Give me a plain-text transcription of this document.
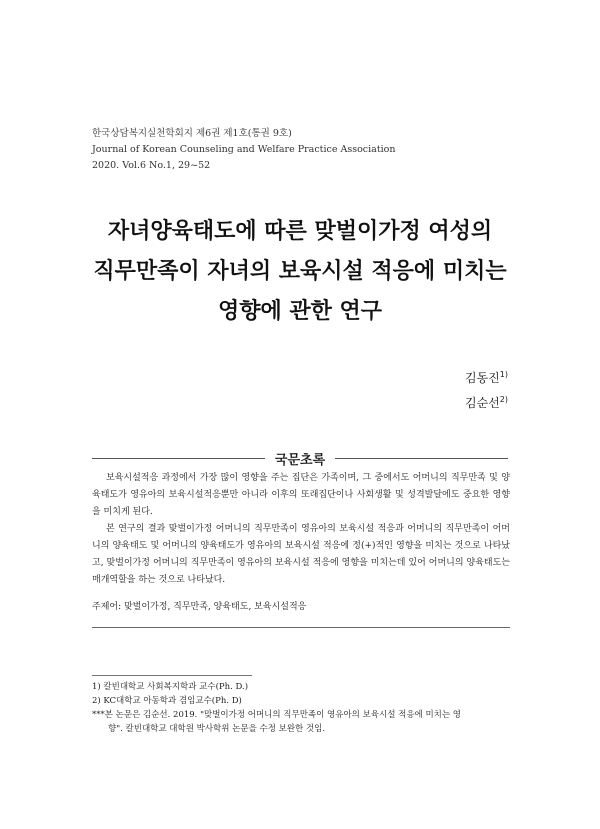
한국상담복지실천학회지 제6권 제1호(통권 9호)
Journal of Korean Counseling and Welfare Practice Association
2020. Vol.6 No.1, 29~52
자녀양육태도에 따른 맞벌이가정 여성의
직무만족이 자녀의 보육시설 적응에 미치는
영향에 관한 연구
김동진$^{1)}$
김순선$^{2)}$
국문초록

보육시설적응 과정에서 가장 많이 영향을 주는 집단은 가족이며, 그 중에서도 어머니의 직무만족 및 양육태도가 영유아의 보육시설적응뿐만 아니라 이후의 또래집단이나 사회생활 및 성격발달에도 중요한 영향을 미치게 된다.

본 연구의 결과 맞벌이가정 어머니의 직무만족이 영유아의 보육시설 적응과 어머니의 직무만족이 어머니의 양육태도 및 어머니의 양육태도가 영유아의 보육시설 적응에 정(+)적인 영향을 미치는 것으로 나타났고, 맞벌이가정 어머니의 직무만족이 영유아의 보육시설 적응에 영향을 미치는데 있어 어머니의 양육태도는 매개역할을 하는 것으로 나타났다.

주제어: 맞벌이가정, 직무만족, 양육태도, 보육시설적응
1) 칼빈대학교 사회복지학과 교수(Ph. D.)
2) KC대학교 아동학과 겸임교수(Ph. D)
***본 논문은 김순선. 2019. "맞벌이가정 어머니의 직무만족이 영유아의 보육시설 적응에 미치는 영
향". 칼빈대학교 대학원 박사학위 논문을 수정 보완한 것임.
